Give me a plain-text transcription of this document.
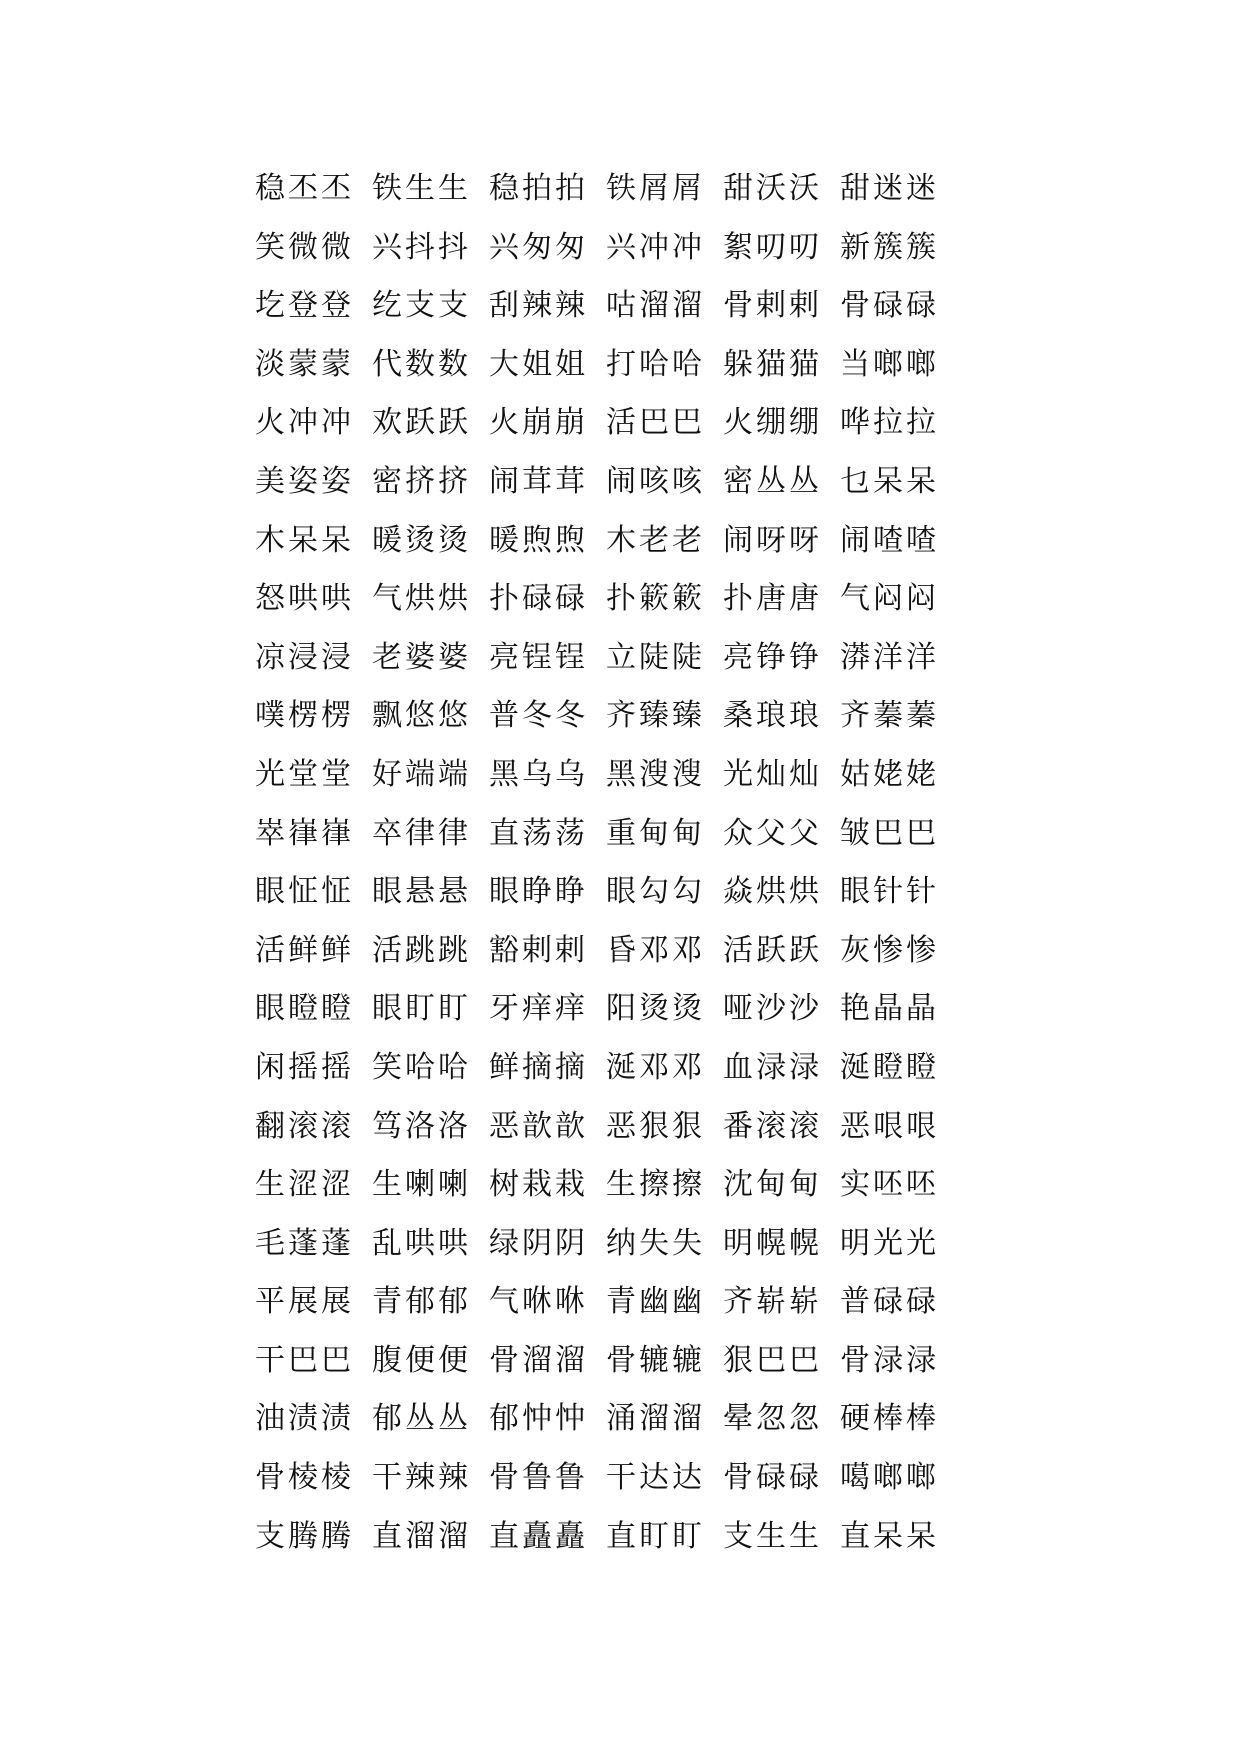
稳丕丕 铁生生 稳拍拍 铁屑屑 甜沃沃 甜迷迷
笑微微 兴抖抖 兴匆匆 兴冲冲 絮叨叨 新簇簇
圪登登 纥支支 刮辣辣 咕溜溜 骨剌剌 骨碌碌
淡蒙蒙 代数数 大姐姐 打哈哈 躲猫猫 当啷啷
火冲冲 欢跃跃 火崩崩 活巴巴 火绷绷 哗拉拉
美姿姿 密挤挤 闹茸茸 闹咳咳 密丛丛 乜呆呆
木呆呆 暖烫烫 暖煦煦 木老老 闹呀呀 闹喳喳
怒哄哄 气烘烘 扑碌碌 扑簌簌 扑唐唐 气闷闷
凉浸浸 老婆婆 亮锃锃 立陡陡 亮铮铮 漭洋洋
噗楞楞 飘悠悠 普冬冬 齐臻臻 桑琅琅 齐蓁蓁
光堂堂 好端端 黑乌乌 黑溲溲 光灿灿 姑姥姥
崒嵂嵂 卒律律 直荡荡 重甸甸 众父父 皱巴巴
眼怔怔 眼悬悬 眼睁睁 眼勾勾 焱烘烘 眼针针
活鲜鲜 活跳跳 豁剌剌 昏邓邓 活跃跃 灰惨惨
眼瞪瞪 眼盯盯 牙痒痒 阳烫烫 哑沙沙 艳晶晶
闲摇摇 笑哈哈 鲜摘摘 涎邓邓 血渌渌 涎瞪瞪
翻滚滚 笃洛洛 恶歆歆 恶狠狠 番滚滚 恶哏哏
生涩涩 生喇喇 树栽栽 生擦擦 沈甸甸 实呸呸
毛蓬蓬 乱哄哄 绿阴阴 纳失失 明幌幌 明光光
平展展 青郁郁 气咻咻 青幽幽 齐崭崭 普碌碌
干巴巴 腹便便 骨溜溜 骨辘辘 狠巴巴 骨渌渌
油渍渍 郁丛丛 郁忡忡 涌溜溜 晕忽忽 硬棒棒
骨棱棱 干辣辣 骨鲁鲁 干达达 骨碌碌 噶啷啷
支腾腾 直溜溜 直矗矗 直盯盯 支生生 直呆呆
